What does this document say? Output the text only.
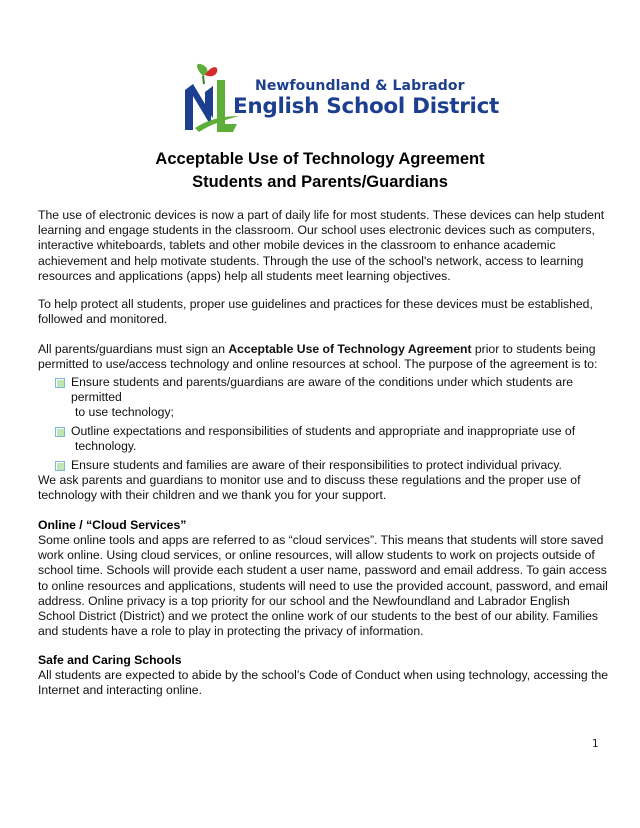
Newfoundland & Labrador
English School District
Acceptable Use of Technology Agreement
Students and Parents/Guardians
The use of electronic devices is now a part of daily life for most students. These devices can help student learning and engage students in the classroom. Our school uses electronic devices such as computers, interactive whiteboards, tablets and other mobile devices in the classroom to enhance academic achievement and help motivate students. Through the use of the school's network, access to learning resources and applications (apps) help all students meet learning objectives.
To help protect all students, proper use guidelines and practices for these devices must be established, followed and monitored.
All parents/guardians must sign an Acceptable Use of Technology Agreement prior to students being permitted to use/access technology and online resources at school. The purpose of the agreement is to:
Ensure students and parents/guardians are aware of the conditions under which students are permitted
to use technology;
Outline expectations and responsibilities of students and appropriate and inappropriate use of
technology.
Ensure students and families are aware of their responsibilities to protect individual privacy.
We ask parents and guardians to monitor use and to discuss these regulations and the proper use of technology with their children and we thank you for your support.
Online / “Cloud Services”
Some online tools and apps are referred to as “cloud services”. This means that students will store saved work online. Using cloud services, or online resources, will allow students to work on projects outside of school time. Schools will provide each student a user name, password and email address. To gain access to online resources and applications, students will need to use the provided account, password, and email address. Online privacy is a top priority for our school and the Newfoundland and Labrador English School District (District) and we protect the online work of our students to the best of our ability. Families and students have a role to play in protecting the privacy of information.
Safe and Caring Schools
All students are expected to abide by the school’s Code of Conduct when using technology, accessing the Internet and interacting online.
1
